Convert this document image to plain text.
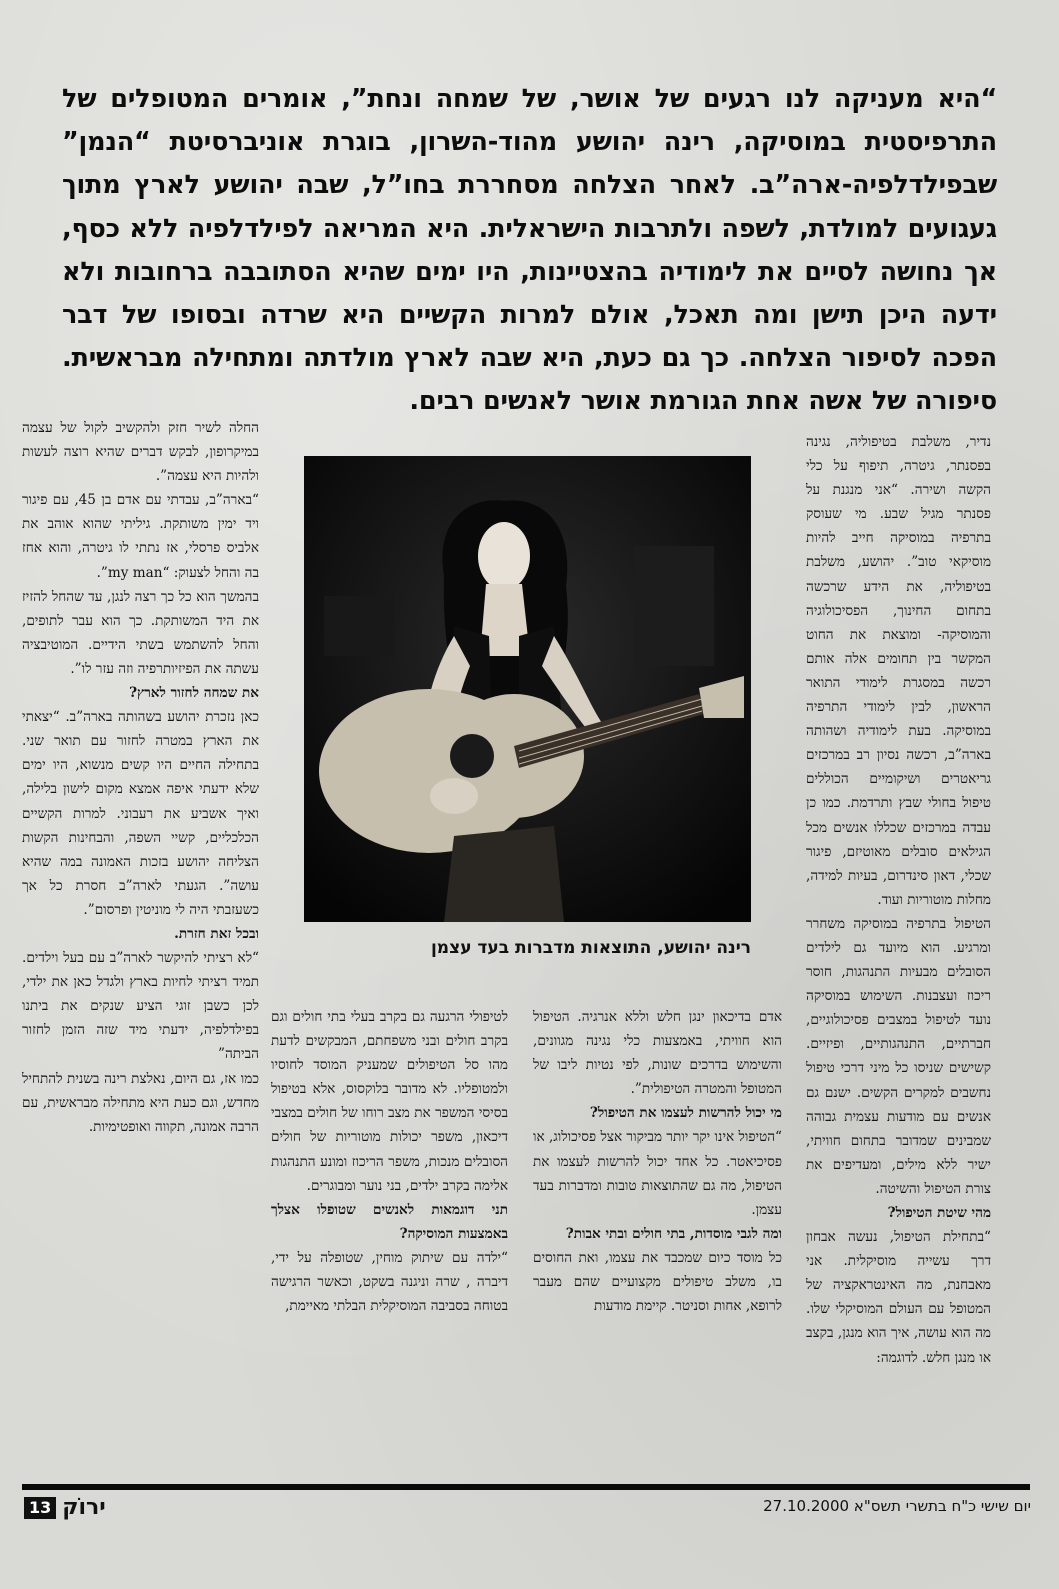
“היא מעניקה לנו רגעים של אושר, של שמחה ונחת”, אומרים המטופלים של התרפיסטית במוסיקה, רינה יהושע מהוד-השרון, בוגרת אוניברסיטת “הנמן” שבפילדלפיה-ארה”ב. לאחר הצלחה מסחררת בחו”ל, שבה יהושע לארץ מתוך געגועים למולדת, לשפה ולתרבות הישראלית. היא המריאה לפילדלפיה ללא כסף, אך נחושה לסיים את לימודיה בהצטיינות, היו ימים שהיא הסתובבה ברחובות ולא ידעה היכן תישן ומה תאכל, אולם למרות הקשיים היא שרדה ובסופו של דבר הפכה לסיפור הצלחה. כך גם כעת, היא שבה לארץ מולדתה ומתחילה מבראשית. סיפורה של אשה אחת הגורמת אושר לאנשים רבים.

נדיר, משלבת בטיפוליה, נגינה בפסנתר, גיטרה, תיפוף על כלי הקשה ושירה. “אני מנגנת על פסנתר מגיל שבע. מי שעוסק בתרפיה במוסיקה חייב להיות מוסיקאי טוב”. יהושע, משלבת בטיפוליה, את הידע שרכשה בתחום החינוך, הפסיכולוגיה והמוסיקה- ומוצאת את החוט המקשר בין תחומים אלה אותם רכשה במסגרת לימודי התואר הראשון, לבין לימודי התרפיה במוסיקה. בעת לימודיה ושהותה בארה”ב, רכשה נסיון רב במרכזים גריאטרים ושיקומיים הכוללים טיפול בחולי שבץ ותרדמת. כמו כן עבדה במרכזים שכללו אנשים מכל הגילאים סובלים מאוטיזם, פיגור שכלי, דאון סינדרום, בעיות למידה, מחלות מוטוריות ועוד.

הטיפול בתרפיה במוסיקה משחרר ומרגיע. הוא מיועד גם לילדים הסובלים מבעיות התנהגות, חוסר ריכוז ועצבנות. השימוש במוסיקה נועד לטיפול במצבים פסיכולוגיים, חברתיים, התנהגותיים, ופיזיים. קשישים שניסו כל מיני דרכי טיפול נחשבים למקרים הקשים. ישנם גם אנשים עם מודעות עצמית גבוהה שמבינים שמדובר בתחום חוויתי, ישיר ללא מילים, ומעדיפים את צורת הטיפול והשיטה.

מהי שיטת הטיפול?

“בתחילת הטיפול, נעשה אבחון דרך עשייה מוסיקלית. אני מאבחנת, מה האינטראקציה של המטופל עם העולם המוסיקלי שלו. מה הוא עושה, איך הוא מנגן, בקצב או מנגן חלש. לדוגמה:

רינה יהושע, התוצאות מדברות בעד עצמן

אדם בדיכאון ינגן חלש וללא אנרגיה. הטיפול הוא חוויתי, באמצעות כלי נגינה מגוונים, והשימוש בדרכים שונות, לפי נטיות ליבו של המטופל והמטרה הטיפולית”.

מי יכול להרשות לעצמו את הטיפול?

“הטיפול אינו יקר יותר מביקור אצל פסיכולוג, או פסיכיאטר. כל אחד יכול להרשות לעצמו את הטיפול, מה גם שהתוצאות טובות ומדברות בעד עצמן.

ומה לגבי מוסדות, בתי חולים ובתי אבות?

כל מוסד כיום שמכבד את עצמו, ואת החוסים בו, משלב טיפולים מקצועיים שהם מעבר לרופא, אחות וסניטר. קיימת מודעות

לטיפולי הרגעה גם בקרב בעלי בתי חולים וגם בקרב חולים ובני משפחתם, המבקשים לדעת מהו סל הטיפולים שמעניק המוסד לחוסיו ולמטופליו. לא מדובר בלוקסוס, אלא בטיפול בסיסי המשפר את מצב רוחו של חולים במצבי דיכאון, משפר יכולות מוטוריות של חולים הסובלים מנכות, משפר הריכוז ומונע התנהגות אלימה בקרב ילדים, בני נוער ומבוגרים.

תני דוגמאות לאנשים שטופלו אצלך באמצעות המוסיקה?

“ילדה עם שיתוק מוחין, שטופלה על ידי, דיברה , שרה וניגנה בשקט, וכאשר הרגישה בטוחה בסביבה המוסיקלית הבלתי מאיימת,

החלה לשיר חזק ולהקשיב לקול של עצמה במיקרופון, לבקש דברים שהיא רוצה לעשות ולהיות היא עצמה”.

“בארה”ב, עבדתי עם אדם בן 45, עם פיגור ויד ימין משותקת. גיליתי שהוא אוהב את אלביס פרסלי, אז נתתי לו גיטרה, והוא אחז בה והחל לצעוק: “my man”.

בהמשך הוא כל כך רצה לנגן, עד שהחל להזיז את היד המשותקת. כך הוא עבר לתופים, והחל להשתמש בשתי הידיים. המוטיבציה עשתה את הפיזיותרפיה וזה עזר לו”.

את שמחה לחזור לארץ?

כאן נזכרת יהושע בשהותה בארה”ב. “יצאתי את הארץ במטרה לחזור עם תואר שני. בתחילה החיים היו קשים מנשוא, היו ימים שלא ידעתי איפה אמצא מקום לישון בלילה, ואיך אשביע את רעבוני. למרות הקשיים הכלכליים, קשיי השפה, והבחינות הקשות הצליחה יהושע בזכות האמונה במה שהיא עושה”. הגעתי לארה”ב חסרת כל אך כשעזבתי היה לי מוניטין ופרסום”.

ובכל זאת חזרת.

“לא רציתי להיקשר לארה”ב עם בעל וילדים. תמיד רציתי לחיות בארץ ולגדל כאן את ילדי, לכן כשבן זוגי הציע שנקים את ביתנו בפילדלפיה, ידעתי מיד שזה הזמן לחזור הביתה”

כמו אז, גם היום, נאלצת רינה בשנית להתחיל מחדש, וגם כעת היא מתחילה מבראשית, עם הרבה אמונה, תקווה ואופטימיות.

יום שישי כ"ח בתשרי תשס"א 27.10.2000
13 ירוֹק
